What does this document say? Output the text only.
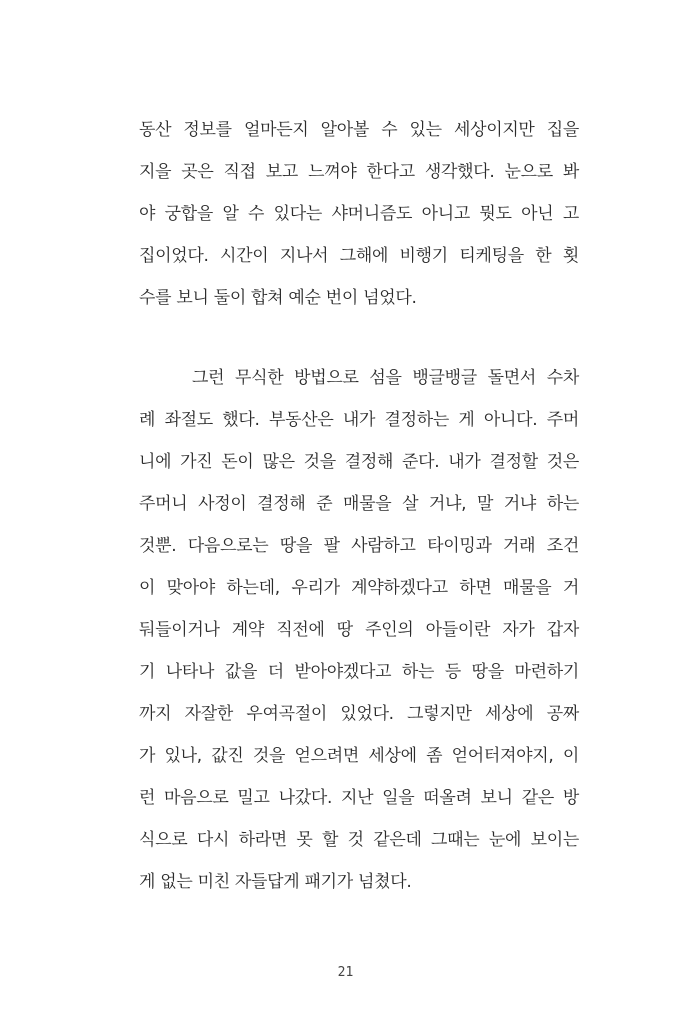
동산 정보를 얼마든지 알아볼 수 있는 세상이지만 집을
지을 곳은 직접 보고 느껴야 한다고 생각했다. 눈으로 봐
야 궁합을 알 수 있다는 샤머니즘도 아니고 뭣도 아닌 고
집이었다. 시간이 지나서 그해에 비행기 티케팅을 한 횟
수를 보니 둘이 합쳐 예순 번이 넘었다.
그런 무식한 방법으로 섬을 뱅글뱅글 돌면서 수차
례 좌절도 했다. 부동산은 내가 결정하는 게 아니다. 주머
니에 가진 돈이 많은 것을 결정해 준다. 내가 결정할 것은
주머니 사정이 결정해 준 매물을 살 거냐, 말 거냐 하는
것뿐. 다음으로는 땅을 팔 사람하고 타이밍과 거래 조건
이 맞아야 하는데, 우리가 계약하겠다고 하면 매물을 거
둬들이거나 계약 직전에 땅 주인의 아들이란 자가 갑자
기 나타나 값을 더 받아야겠다고 하는 등 땅을 마련하기
까지 자잘한 우여곡절이 있었다. 그렇지만 세상에 공짜
가 있나, 값진 것을 얻으려면 세상에 좀 얻어터져야지, 이
런 마음으로 밀고 나갔다. 지난 일을 떠올려 보니 같은 방
식으로 다시 하라면 못 할 것 같은데 그때는 눈에 보이는
게 없는 미친 자들답게 패기가 넘쳤다.
21
